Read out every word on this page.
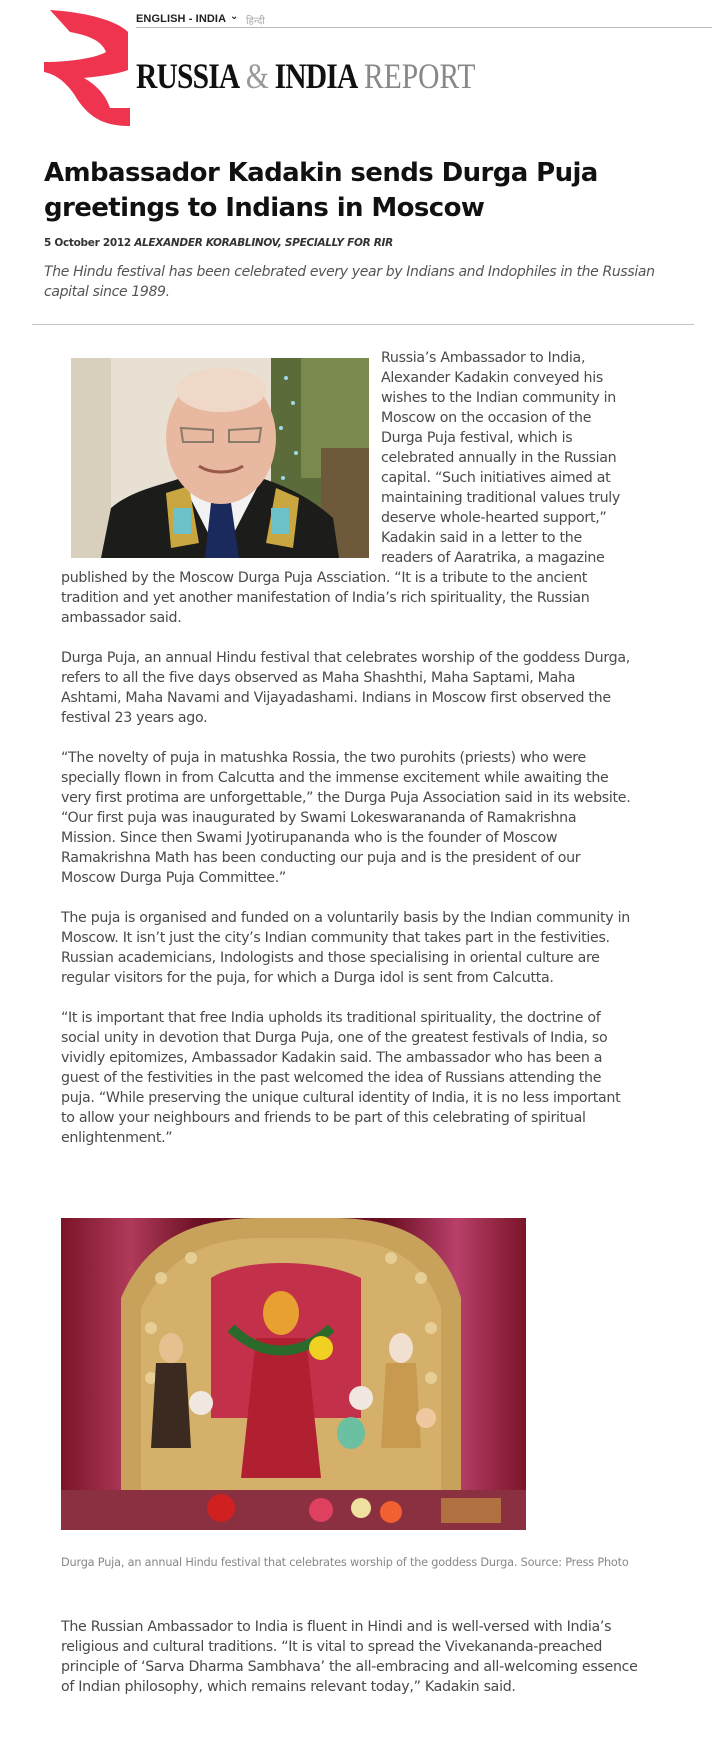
ENGLISH - INDIA ⌄ हिन्दी
RUSSIA & INDIA REPORT
Ambassador Kadakin sends Durga Puja greetings to Indians in Moscow
5 October 2012 ALEXANDER KORABLINOV, SPECIALLY FOR RIR
The Hindu festival has been celebrated every year by Indians and Indophiles in the Russian capital since 1989.

Russia’s Ambassador to India, Alexander Kadakin conveyed his wishes to the Indian community in Moscow on the occasion of the Durga Puja festival, which is celebrated annually in the Russian capital. “Such initiatives aimed at maintaining traditional values truly deserve whole-hearted support,” Kadakin said in a letter to the readers of Aaratrika, a magazine published by the Moscow Durga Puja Assciation. “It is a tribute to the ancient tradition and yet another manifestation of India’s rich spirituality, the Russian ambassador said.

Durga Puja, an annual Hindu festival that celebrates worship of the goddess Durga, refers to all the five days observed as Maha Shashthi, Maha Saptami, Maha Ashtami, Maha Navami and Vijayadashami. Indians in Moscow first observed the festival 23 years ago.

“The novelty of puja in matushka Rossia, the two purohits (priests) who were specially flown in from Calcutta and the immense excitement while awaiting the very first protima are unforgettable,” the Durga Puja Association said in its website. “Our first puja was inaugurated by Swami Lokeswarananda of Ramakrishna Mission. Since then Swami Jyotirupananda who is the founder of Moscow Ramakrishna Math has been conducting our puja and is the president of our Moscow Durga Puja Committee.”

The puja is organised and funded on a voluntarily basis by the Indian community in Moscow. It isn’t just the city’s Indian community that takes part in the festivities. Russian academicians, Indologists and those specialising in oriental culture are regular visitors for the puja, for which a Durga idol is sent from Calcutta.

“It is important that free India upholds its traditional spirituality, the doctrine of social unity in devotion that Durga Puja, one of the greatest festivals of India, so vividly epitomizes, Ambassador Kadakin said. The ambassador who has been a guest of the festivities in the past welcomed the idea of Russians attending the puja. “While preserving the unique cultural identity of India, it is no less important to allow your neighbours and friends to be part of this celebrating of spiritual enlightenment.”

Durga Puja, an annual Hindu festival that celebrates worship of the goddess Durga. Source: Press Photo

The Russian Ambassador to India is fluent in Hindi and is well-versed with India’s religious and cultural traditions. “It is vital to spread the Vivekananda-preached principle of ‘Sarva Dharma Sambhava’ the all-embracing and all-welcoming essence of Indian philosophy, which remains relevant today,” Kadakin said.
